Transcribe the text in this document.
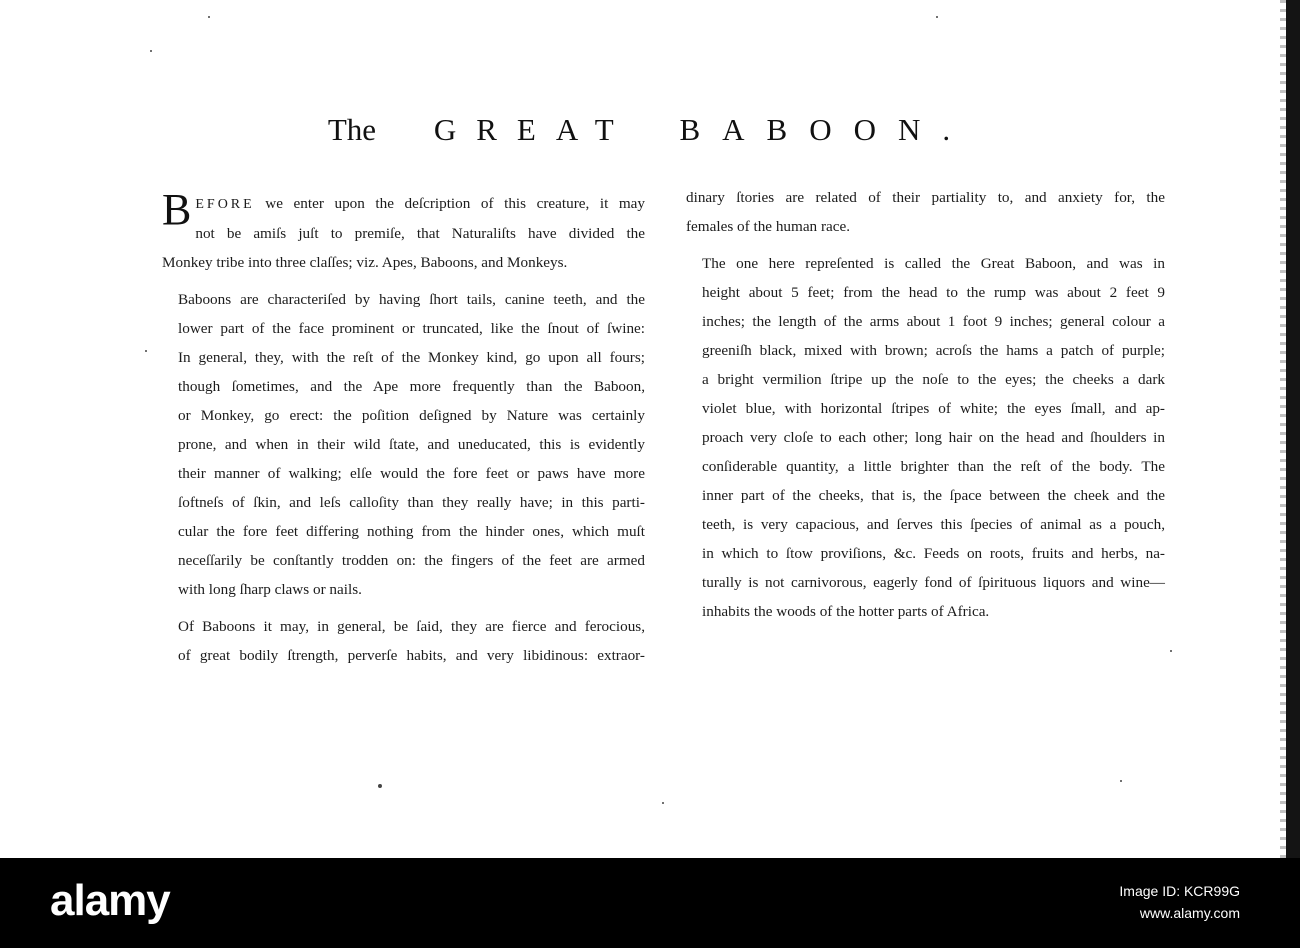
The GREAT BABOON.

B EFORE we enter upon the deſcription of this creature, it may
not be amiſs juſt to premiſe, that Naturaliſts have divided the
Monkey tribe into three claſſes; viz. Apes, Baboons, and Monkeys.

Baboons are characteriſed by having ſhort tails, canine teeth, and the
lower part of the face prominent or truncated, like the ſnout of ſwine:
In general, they, with the reſt of the Monkey kind, go upon all fours;
though ſometimes, and the Ape more frequently than the Baboon,
or Monkey, go erect: the poſition deſigned by Nature was certainly
prone, and when in their wild ſtate, and uneducated, this is evidently
their manner of walking; elſe would the fore feet or paws have more
ſoftneſs of ſkin, and leſs calloſity than they really have; in this parti-
cular the fore feet differing nothing from the hinder ones, which muſt
neceſſarily be conſtantly trodden on: the fingers of the feet are armed
with long ſharp claws or nails.

Of Baboons it may, in general, be ſaid, they are fierce and ferocious,
of great bodily ſtrength, perverſe habits, and very libidinous: extraor-

dinary ſtories are related of their partiality to, and anxiety for, the
females of the human race.

The one here repreſented is called the Great Baboon, and was in
height about 5 feet; from the head to the rump was about 2 feet 9
inches; the length of the arms about 1 foot 9 inches; general colour a
greeniſh black, mixed with brown; acroſs the hams a patch of purple;
a bright vermilion ſtripe up the noſe to the eyes; the cheeks a dark
violet blue, with horizontal ſtripes of white; the eyes ſmall, and ap-
proach very cloſe to each other; long hair on the head and ſhoulders in
conſiderable quantity, a little brighter than the reſt of the body. The
inner part of the cheeks, that is, the ſpace between the cheek and the
teeth, is very capacious, and ſerves this ſpecies of animal as a pouch,
in which to ſtow proviſions, &c. Feeds on roots, fruits and herbs, na-
turally is not carnivorous, eagerly fond of ſpirituous liquors and wine—
inhabits the woods of the hotter parts of Africa.

alamy	Image ID: KCR99G
www.alamy.com
